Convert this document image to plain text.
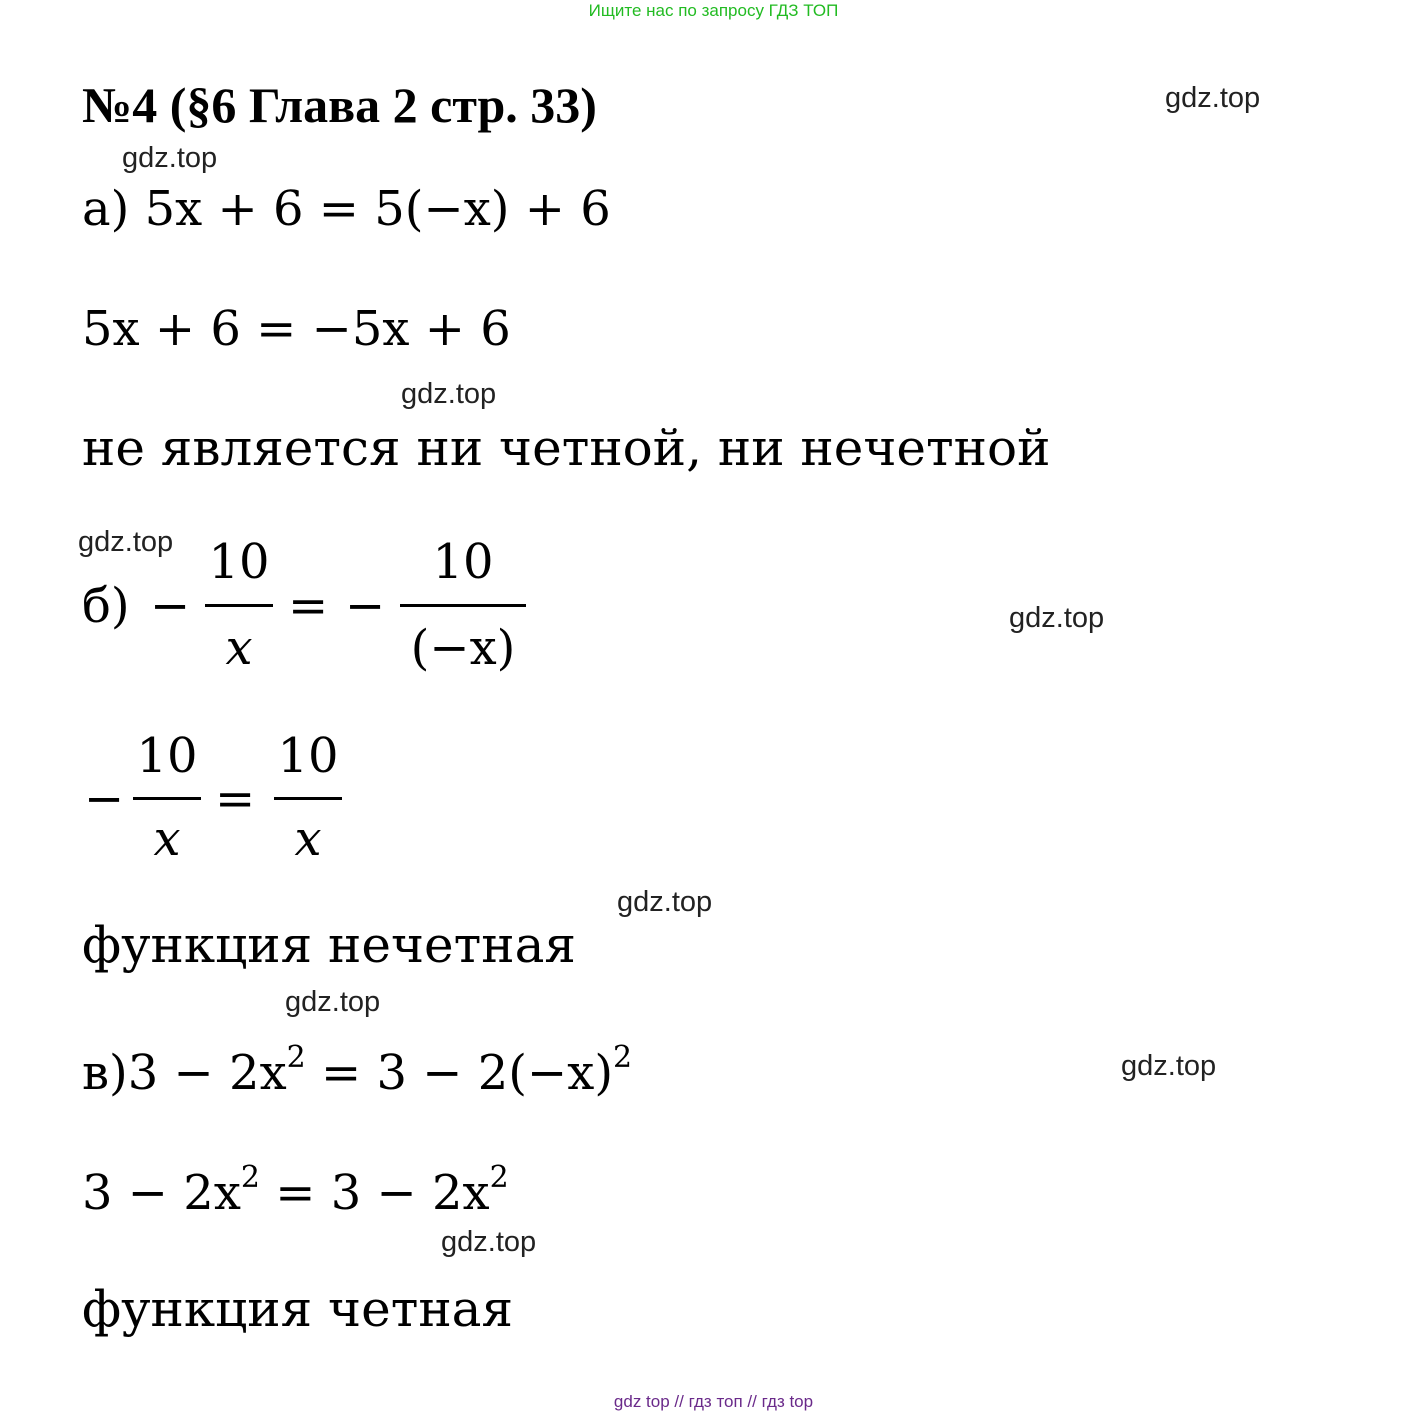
Ищите нас по запросу ГДЗ ТОП
№4 (§6 Глава 2 стр. 33)	gdz.top
gdz.top
gdz.top
gdz.top
gdz.top
gdz.top
gdz.top
gdz.top
gdz.top
а) 5x + 6 = 5(−x) + 6
5x + 6 = −5x + 6
не является ни четной, ни нечетной
б) −
10
x
= −
10
(−x)
−
10
x
=
10
x
функция нечетная
$в)3 - 2x^2 = 3 - 2(-x)^2$
$3 - 2x^2 = 3 - 2x^2$
функция четная
gdz top // гдз топ // гдз top
